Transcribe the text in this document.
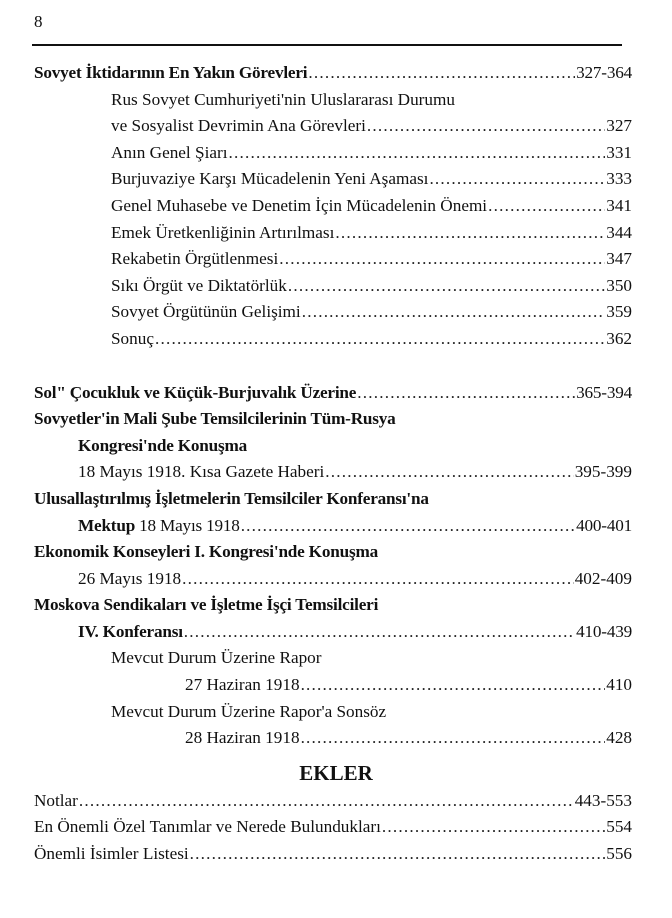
8
Sovyet İktidarının En Yakın Görevleri .....	327-364
Rus Sovyet Cumhuriyeti'nin Uluslararası Durumu
ve Sosyalist Devrimin Ana Görevleri .....	327
Anın Genel Şiarı .....	331
Burjuvaziye Karşı Mücadelenin Yeni Aşaması .....	333
Genel Muhasebe ve Denetim İçin Mücadelenin Önemi .....	341
Emek Üretkenliğinin Artırılması .....	344
Rekabetin Örgütlenmesi .....	347
Sıkı Örgüt ve Diktatörlük .....	350
Sovyet Örgütünün Gelişimi .....	359
Sonuç .....	362
Sol" Çocukluk ve Küçük-Burjuvalık Üzerine .....	365-394
Sovyetler'in Mali Şube Temsilcilerinin Tüm-Rusya
Kongresi'nde Konuşma
18 Mayıs 1918. Kısa Gazete Haberi .....	395-399
Ulusallaştırılmış İşletmelerin Temsilciler Konferansı'na
Mektup 18 Mayıs 1918 .....	400-401
Ekonomik Konseyleri I. Kongresi'nde Konuşma
26 Mayıs 1918 .....	402-409
Moskova Sendikaları ve İşletme İşçi Temsilcileri
IV. Konferansı .....	410-439
Mevcut Durum Üzerine Rapor
27 Haziran 1918 .....	410
Mevcut Durum Üzerine Rapor'a Sonsöz
28 Haziran 1918 .....	428
EKLER
Notlar .....	443-553
En Önemli Özel Tanımlar ve Nerede Bulundukları .....	554
Önemli İsimler Listesi .....	556
